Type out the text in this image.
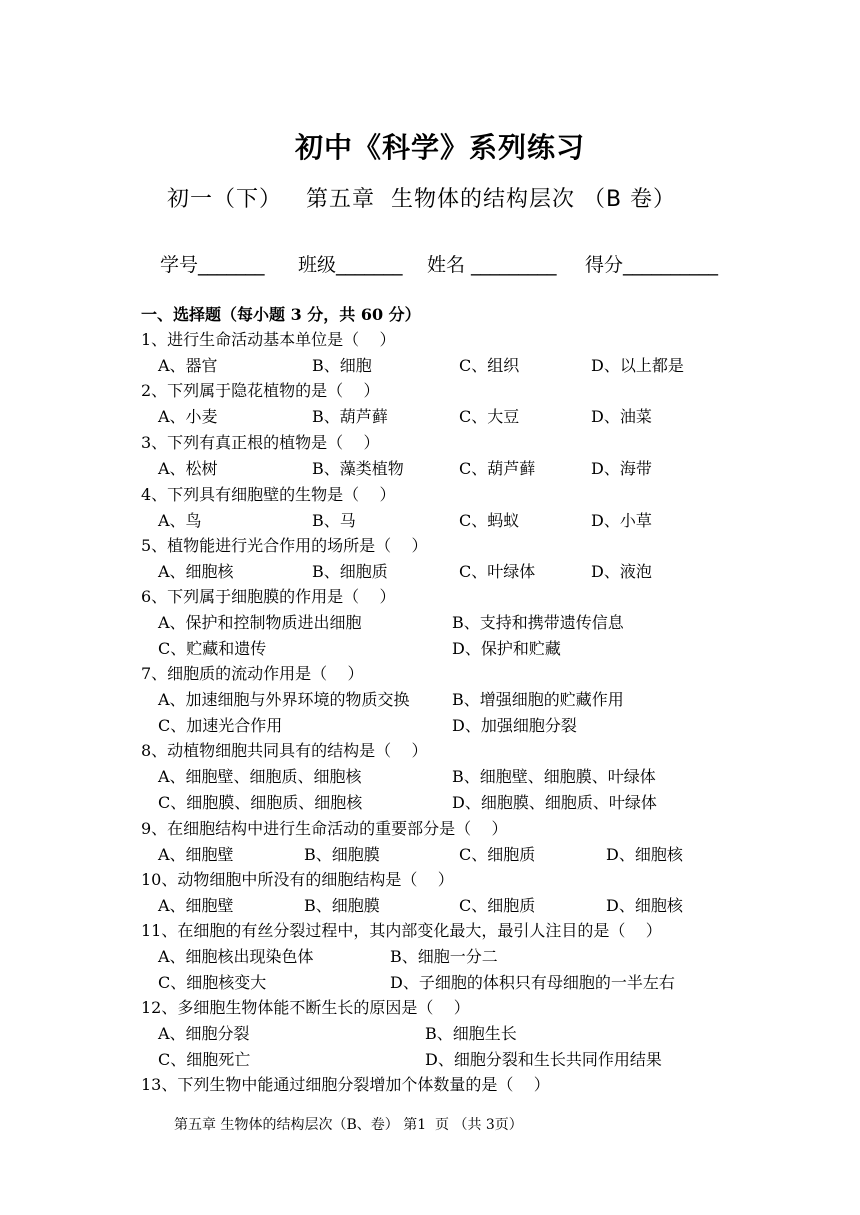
初中《科学》系列练习
初一（下）   第五章  生物体的结构层次 （B 卷）
学号_______ 班级_______ 姓名 _________ 得分__________
一、选择题（每小题 3 分，共 60 分）
1、进行生命活动基本单位是（    ）
A、器官	B、细胞	C、组织	D、以上都是
2、下列属于隐花植物的是（    ）
A、小麦	B、葫芦藓	C、大豆	D、油菜
3、下列有真正根的植物是（    ）
A、松树	B、藻类植物	C、葫芦藓	D、海带
4、下列具有细胞壁的生物是（    ）
A、鸟	B、马	C、蚂蚁	D、小草
5、植物能进行光合作用的场所是（    ）
A、细胞核	B、细胞质	C、叶绿体	D、液泡
6、下列属于细胞膜的作用是（    ）
A、保护和控制物质进出细胞	B、支持和携带遗传信息
C、贮藏和遗传	D、保护和贮藏
7、细胞质的流动作用是（    ）
A、加速细胞与外界环境的物质交换	B、增强细胞的贮藏作用
C、加速光合作用	D、加强细胞分裂
8、动植物细胞共同具有的结构是（    ）
A、细胞壁、细胞质、细胞核	B、细胞壁、细胞膜、叶绿体
C、细胞膜、细胞质、细胞核	D、细胞膜、细胞质、叶绿体
9、在细胞结构中进行生命活动的重要部分是（    ）
A、细胞壁	B、细胞膜	C、细胞质	D、细胞核
10、动物细胞中所没有的细胞结构是（    ）
A、细胞壁	B、细胞膜	C、细胞质	D、细胞核
11、在细胞的有丝分裂过程中，其内部变化最大，最引人注目的是（    ）
A、细胞核出现染色体	B、细胞一分二
C、细胞核变大	D、子细胞的体积只有母细胞的一半左右
12、多细胞生物体能不断生长的原因是（    ）
A、细胞分裂	B、细胞生长
C、细胞死亡	D、细胞分裂和生长共同作用结果
13、下列生物中能通过细胞分裂增加个体数量的是（    ）
第五章 生物体的结构层次（B、卷） 第1  页 （共 3页）
